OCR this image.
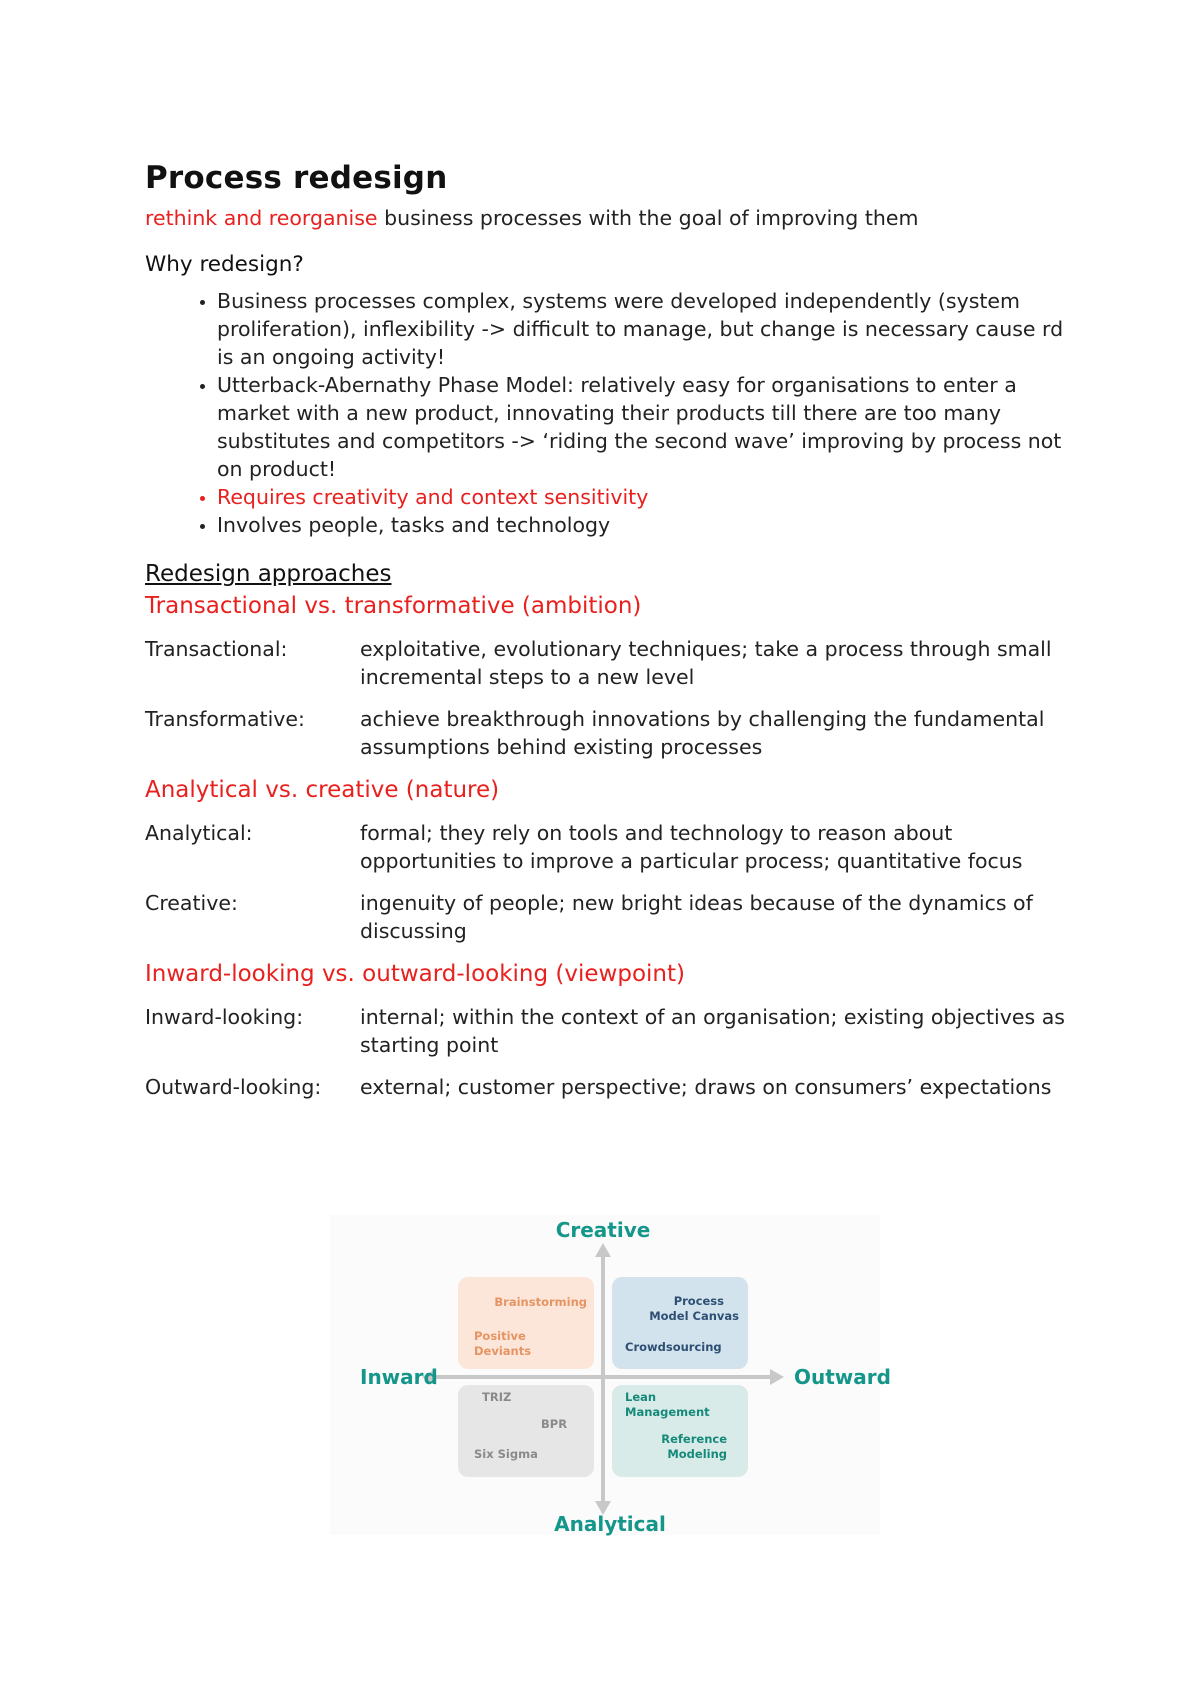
Process redesign
rethink and reorganise business processes with the goal of improving them
Why redesign?
• Business processes complex, systems were developed independently (system proliferation), inflexibility -> difficult to manage, but change is necessary cause rd is an ongoing activity!
• Utterback-Abernathy Phase Model: relatively easy for organisations to enter a market with a new product, innovating their products till there are too many substitutes and competitors -> ‘riding the second wave’ improving by process not on product!
• Requires creativity and context sensitivity
• Involves people, tasks and technology
Redesign approaches
Transactional vs. transformative (ambition)
Transactional:	exploitative, evolutionary techniques; take a process through small incremental steps to a new level
Transformative:	achieve breakthrough innovations by challenging the fundamental assumptions behind existing processes
Analytical vs. creative (nature)
Analytical:	formal; they rely on tools and technology to reason about opportunities to improve a particular process; quantitative focus
Creative:	ingenuity of people; new bright ideas because of the dynamics of discussing
Inward-looking vs. outward-looking (viewpoint)
Inward-looking:	internal; within the context of an organisation; existing objectives as starting point
Outward-looking:	external; customer perspective; draws on consumers’ expectations
Creative
Analytical
Inward	Outward
Brainstorming
Positive
Deviants
Process
Model Canvas
Crowdsourcing
TRIZ
BPR
Six Sigma
Lean
Management
Reference
Modeling
